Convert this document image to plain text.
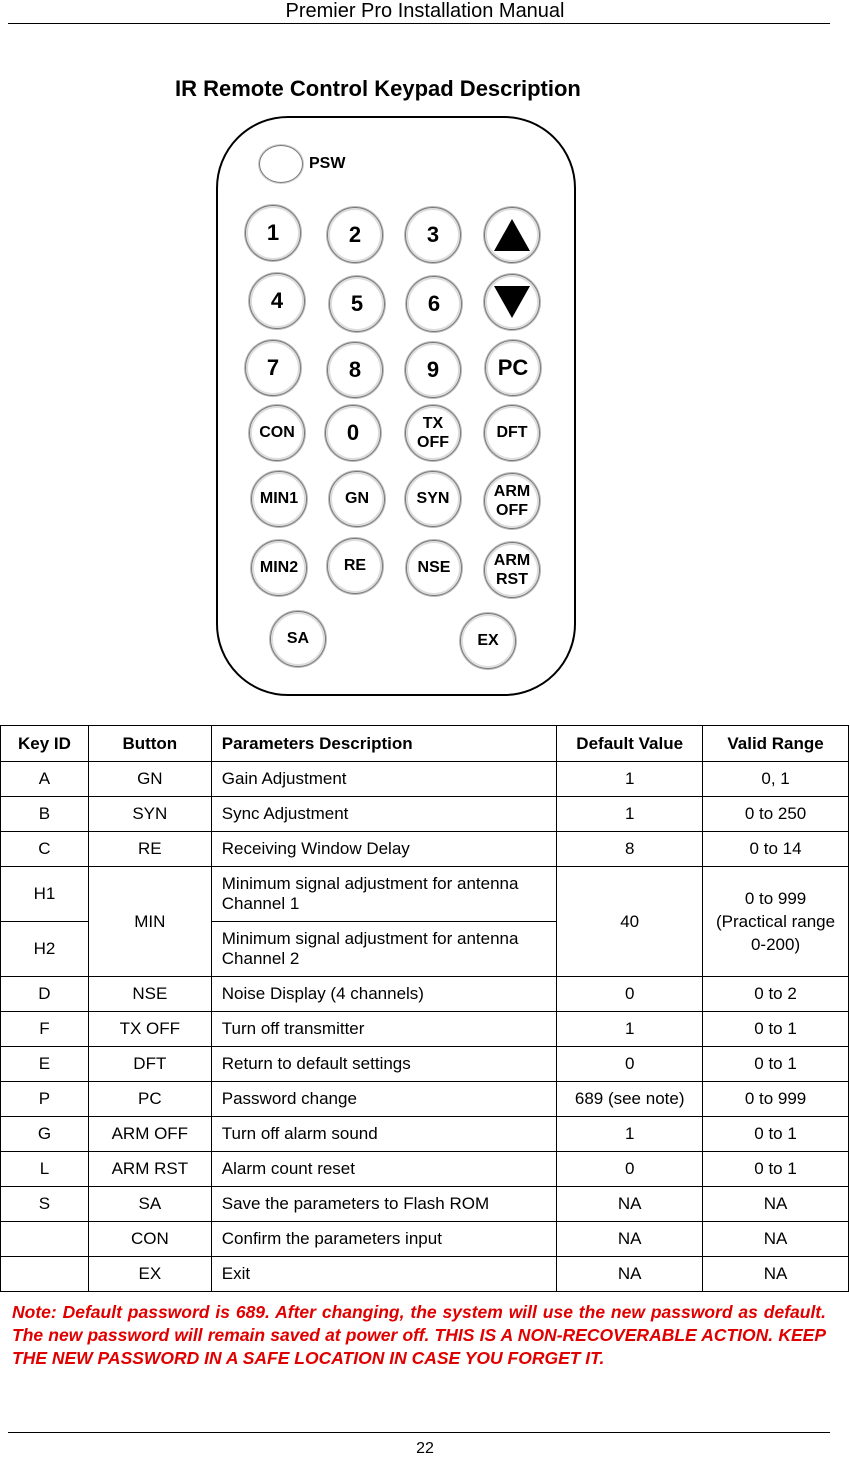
Premier Pro Installation Manual
IR Remote Control Keypad Description
PSW
1	2	3
4	5	6
7	8	9	PC
CON 0	TX
OFF
DFT
MIN1	GN	SYN	ARM
OFF
MIN2	RE	NSE	ARM
RST
SA	EX
Key ID	Button	Parameters Description	Default Value	Valid Range
A	GN	Gain Adjustment	1	0, 1
B	SYN	Sync Adjustment	1	0 to 250
C	RE	Receiving Window Delay	8	0 to 14
H1	MIN	Minimum signal adjustment for antenna Channel 1	40	0 to 999 (Practical range 0-200)
H2		Minimum signal adjustment for antenna Channel 2		
D	NSE	Noise Display (4 channels)	0	0 to 2
F	TX OFF	Turn off transmitter	1	0 to 1
E	DFT	Return to default settings	0	0 to 1
P	PC	Password change	689 (see note)	0 to 999
G	ARM OFF	Turn off alarm sound	1	0 to 1
L	ARM RST	Alarm count reset	0	0 to 1
S	SA	Save the parameters to Flash ROM	NA	NA
	CON	Confirm the parameters input	NA	NA
	EX	Exit	NA	NA
Note: Default password is 689. After changing, the system will use the new password as default. The new password will remain saved at power off. THIS IS A NON-RECOVERABLE ACTION. KEEP THE NEW PASSWORD IN A SAFE LOCATION IN CASE YOU FORGET IT.
22
